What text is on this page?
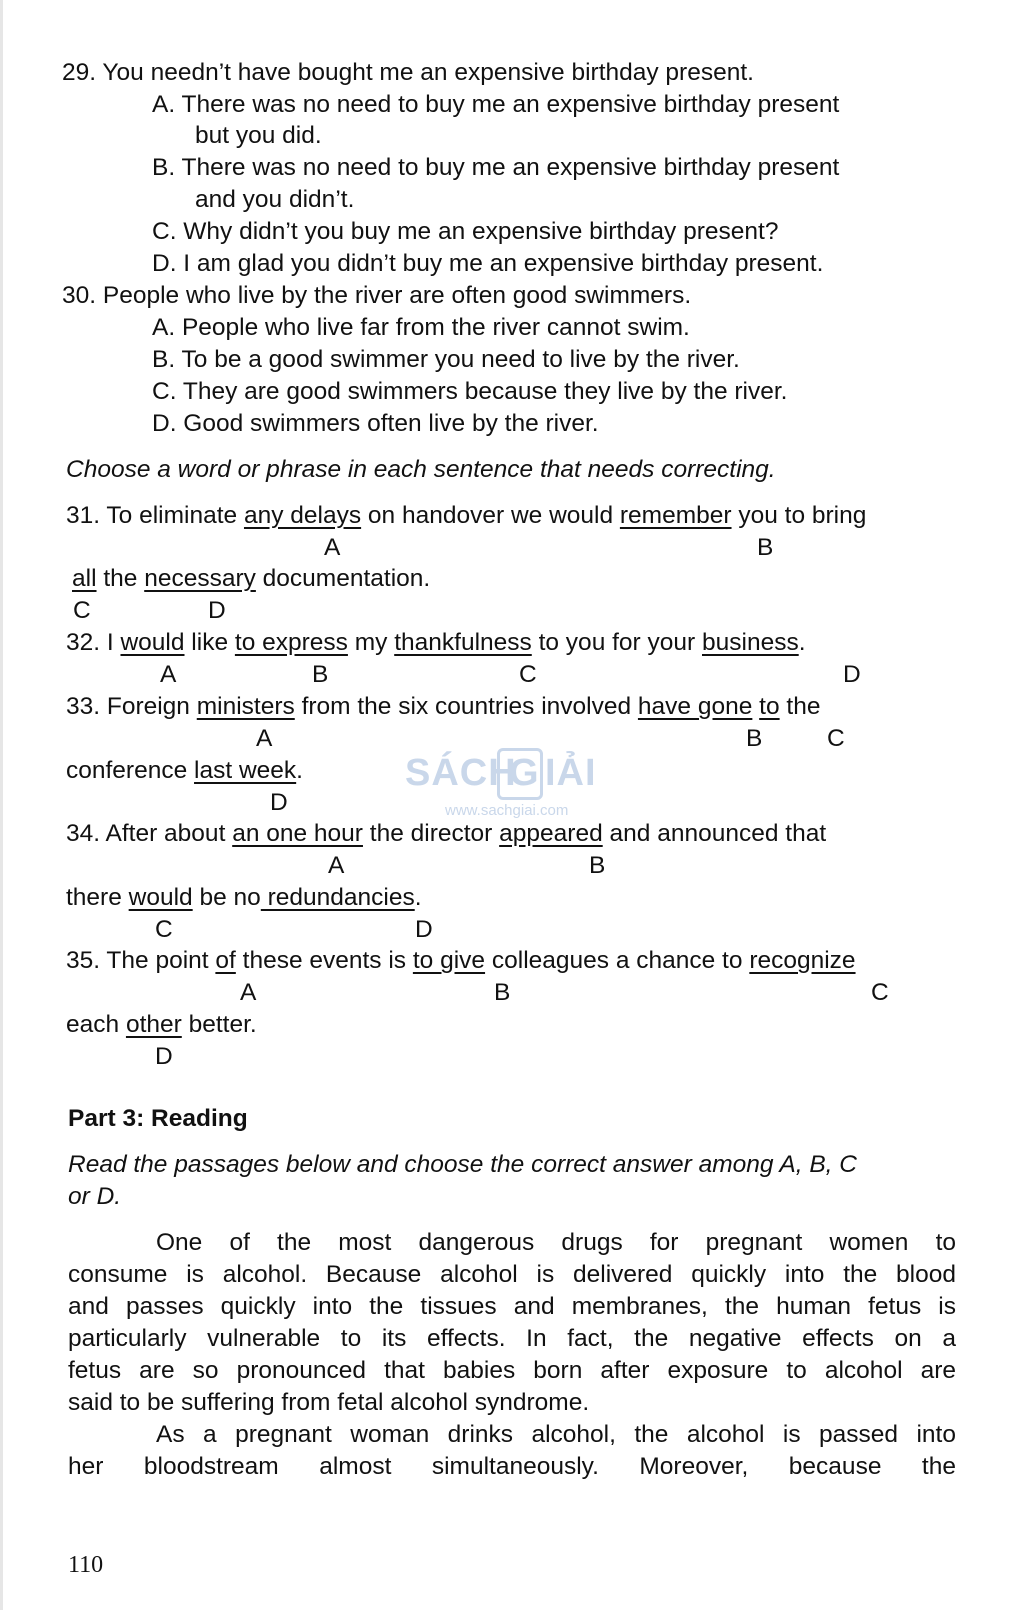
29. You needn’t have bought me an expensive birthday present.
A. There was no need to buy me an expensive birthday present
but you did.
B. There was no need to buy me an expensive birthday present
and you didn’t.
C. Why didn’t you buy me an expensive birthday present?
D. I am glad you didn’t buy me an expensive birthday present.
30. People who live by the river are often good swimmers.
A. People who live far from the river cannot swim.
B. To be a good swimmer you need to live by the river.
C. They are good swimmers because they live by the river.
D. Good swimmers often live by the river.
Choose a word or phrase in each sentence that needs correcting.
31. To eliminate any delays on handover we would remember you to bring
A	B
all the necessary documentation.
C	D
32. I would like to express my thankfulness to you for your business.
A	B	C	D
33. Foreign ministers from the six countries involved have gone to the
A	B	C
conference last week.
D
SÁCH
G IẢI
www.sachgiai.com
34. After about an one hour the director appeared and announced that
A	B
there would be no redundancies.
C	D
35. The point of these events is to give colleagues a chance to recognize
A	B	C
each other better.
D
Part 3: Reading
Read the passages below and choose the correct answer among A, B, C
or D.
One of the most dangerous drugs for pregnant women to
consume is alcohol. Because alcohol is delivered quickly into the blood
and passes quickly into the tissues and membranes, the human fetus is
particularly vulnerable to its effects. In fact, the negative effects on a
fetus are so pronounced that babies born after exposure to alcohol are
said to be suffering from fetal alcohol syndrome.
As a pregnant woman drinks alcohol, the alcohol is passed into
her bloodstream almost simultaneously. Moreover, because the
110
